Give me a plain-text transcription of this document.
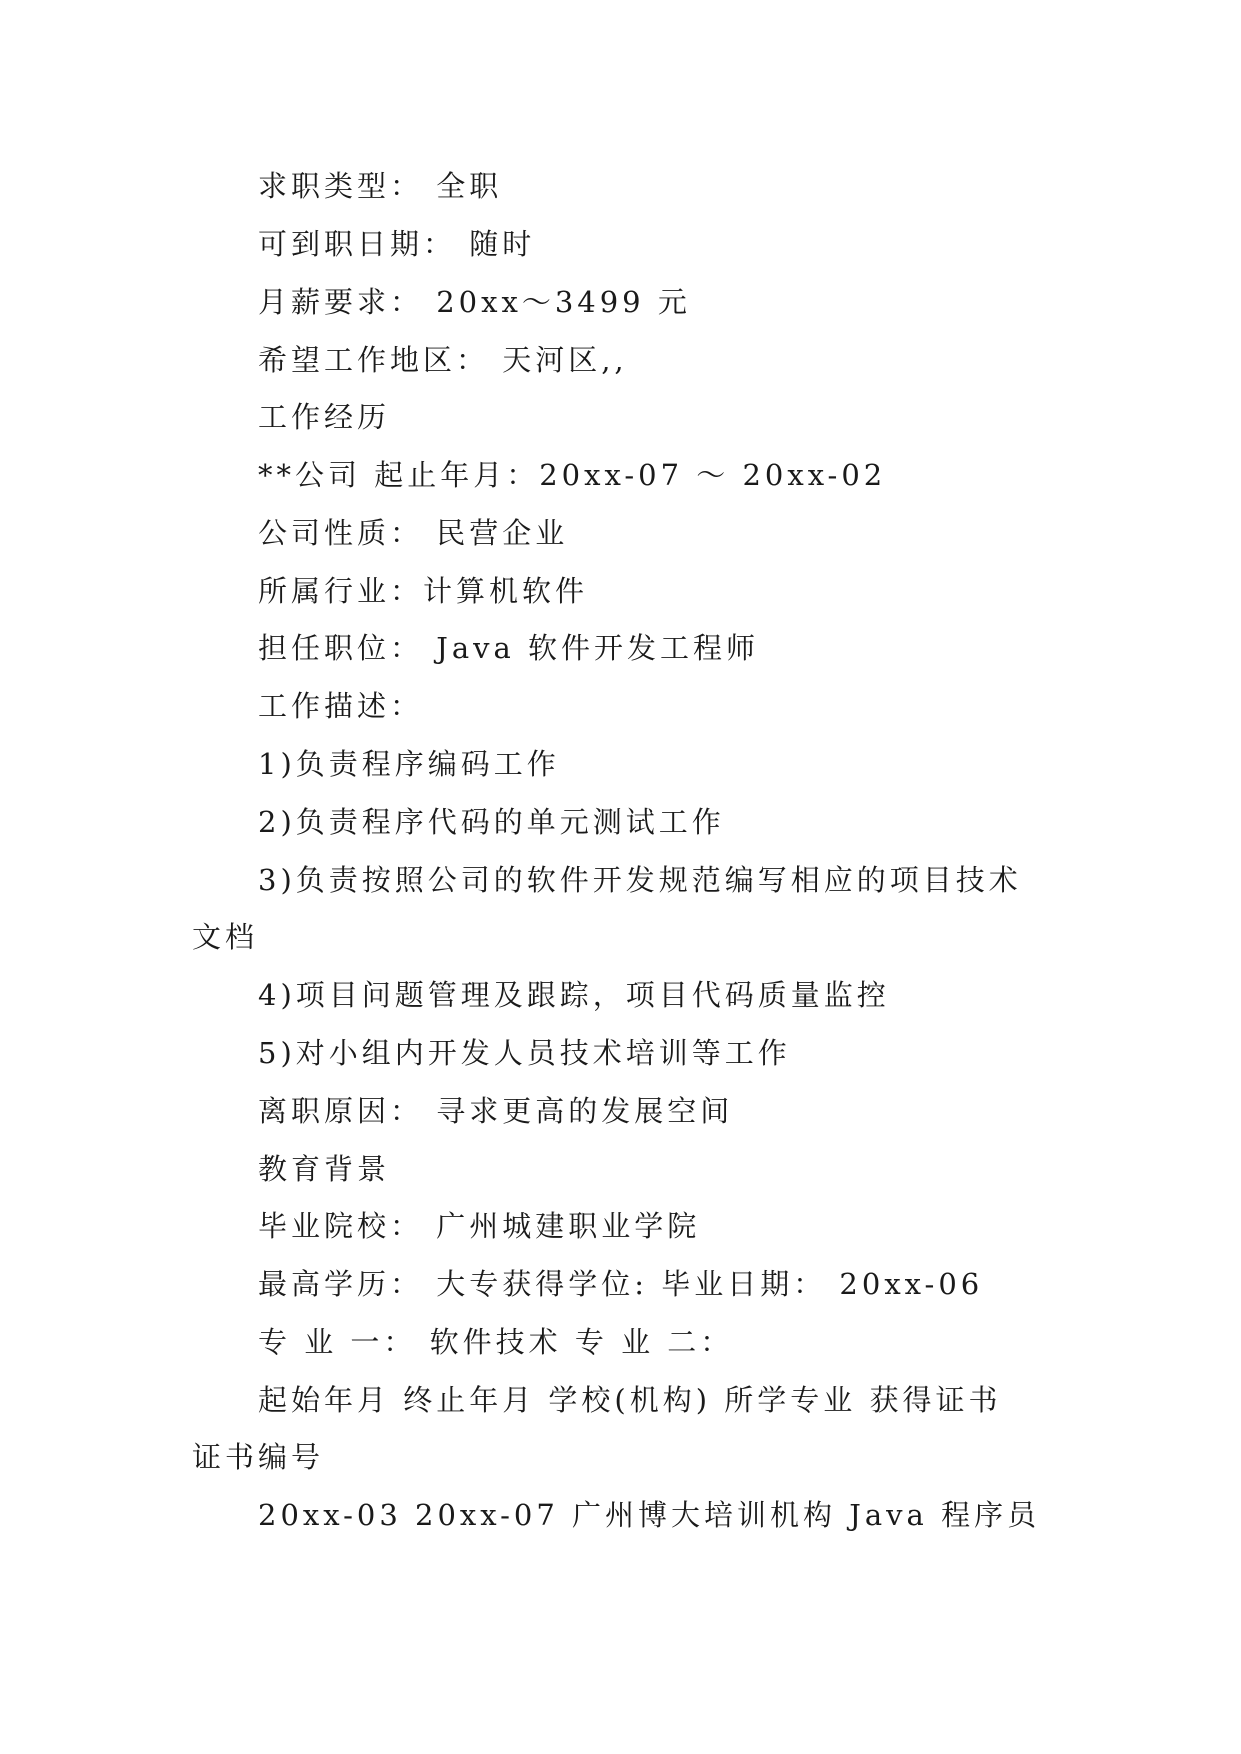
求职类型： 全职
可到职日期： 随时
月薪要求： 20xx～3499 元
希望工作地区： 天河区,,
工作经历
**公司 起止年月：20xx-07 ～ 20xx-02
公司性质： 民营企业
所属行业：计算机软件
担任职位： Java 软件开发工程师
工作描述：
1)负责程序编码工作
2)负责程序代码的单元测试工作
3)负责按照公司的软件开发规范编写相应的项目技术
文档
4)项目问题管理及跟踪，项目代码质量监控
5)对小组内开发人员技术培训等工作
离职原因： 寻求更高的发展空间
教育背景
毕业院校： 广州城建职业学院
最高学历： 大专获得学位: 毕业日期： 20xx-06
专 业 一： 软件技术 专 业 二：
起始年月 终止年月 学校(机构) 所学专业 获得证书
证书编号
20xx-03 20xx-07 广州博大培训机构 Java 程序员
